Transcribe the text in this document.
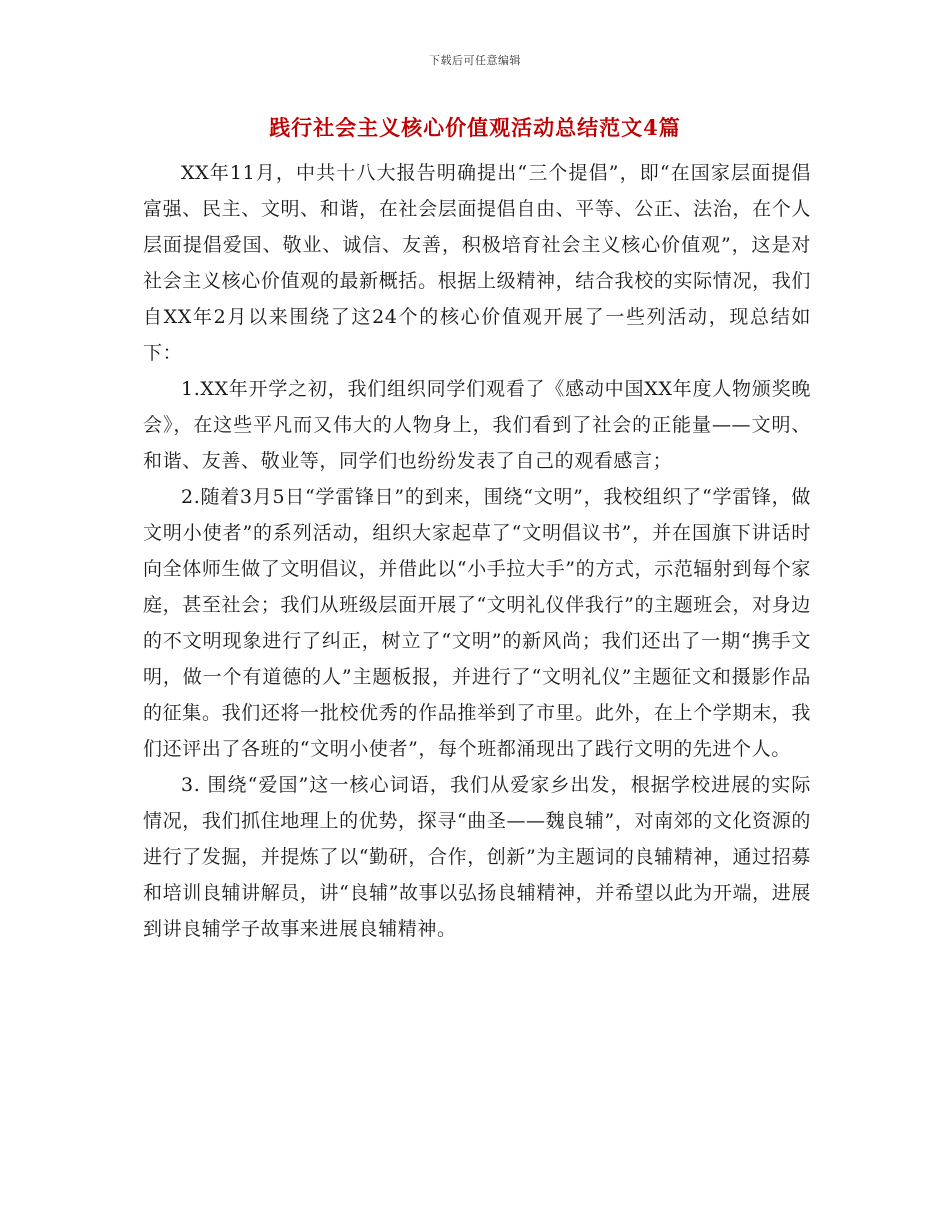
下载后可任意编辑
践行社会主义核心价值观活动总结范文4篇

XX年11月，中共十八大报告明确提出“三个提倡”，即“在国家层面提倡富强、民主、文明、和谐，在社会层面提倡自由、平等、公正、法治，在个人层面提倡爱国、敬业、诚信、友善，积极培育社会主义核心价值观”，这是对社会主义核心价值观的最新概括。根据上级精神，结合我校的实际情况，我们自XX年2月以来围绕了这24个的核心价值观开展了一些列活动，现总结如下：

1.XX年开学之初，我们组织同学们观看了《感动中国XX年度人物颁奖晚会》，在这些平凡而又伟大的人物身上，我们看到了社会的正能量——文明、和谐、友善、敬业等，同学们也纷纷发表了自己的观看感言；

2.随着3月5日“学雷锋日”的到来，围绕“文明”，我校组织了“学雷锋，做文明小使者”的系列活动，组织大家起草了“文明倡议书”，并在国旗下讲话时向全体师生做了文明倡议，并借此以“小手拉大手”的方式，示范辐射到每个家庭，甚至社会；我们从班级层面开展了“文明礼仪伴我行”的主题班会，对身边的不文明现象进行了纠正，树立了“文明”的新风尚；我们还出了一期“携手文明，做一个有道德的人”主题板报，并进行了“文明礼仪”主题征文和摄影作品的征集。我们还将一批校优秀的作品推举到了市里。此外，在上个学期末，我们还评出了各班的“文明小使者”，每个班都涌现出了践行文明的先进个人。

3. 围绕“爱国”这一核心词语，我们从爱家乡出发，根据学校进展的实际情况，我们抓住地理上的优势，探寻“曲圣——魏良辅”，对南郊的文化资源的进行了发掘，并提炼了以“勤研，合作，创新”为主题词的良辅精神，通过招募和培训良辅讲解员，讲“良辅”故事以弘扬良辅精神，并希望以此为开端，进展到讲良辅学子故事来进展良辅精神。
